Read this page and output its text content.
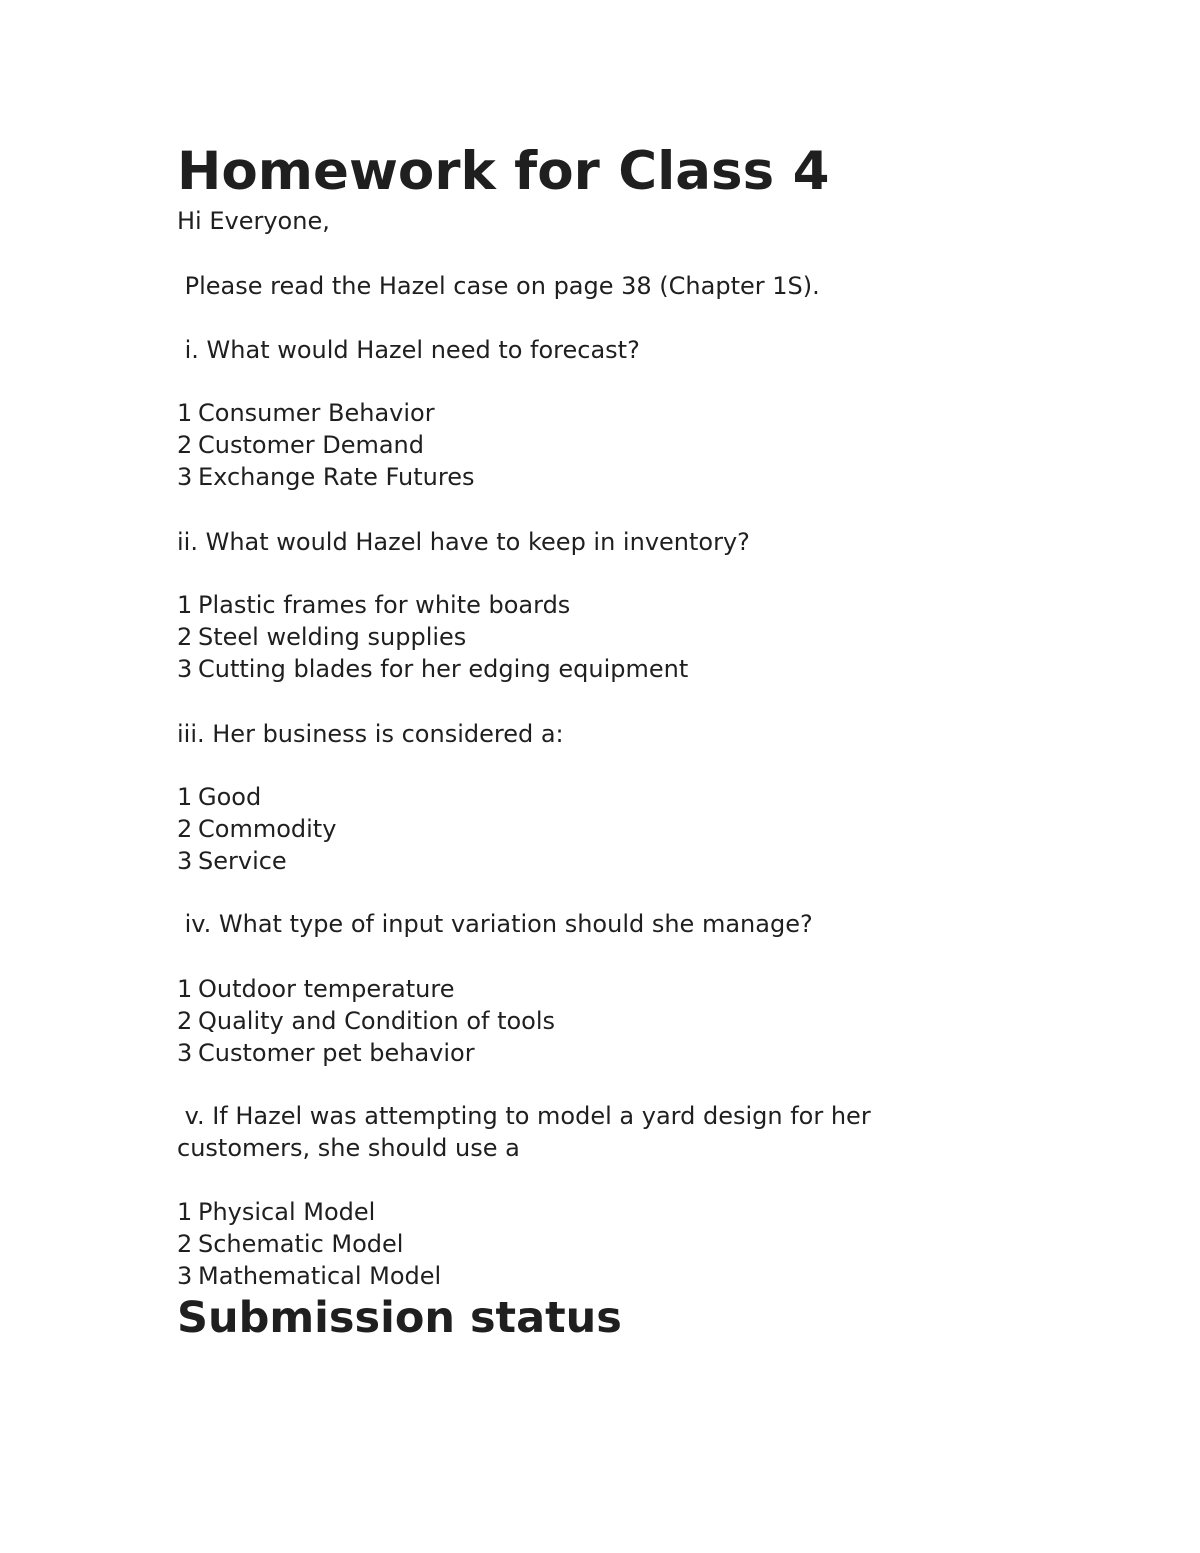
Homework for Class 4

Hi Everyone,

Please read the Hazel case on page 38 (Chapter 1S).

i. What would Hazel need to forecast?

1 Consumer Behavior

2 Customer Demand

3 Exchange Rate Futures

ii. What would Hazel have to keep in inventory?

1 Plastic frames for white boards

2 Steel welding supplies

3 Cutting blades for her edging equipment

iii. Her business is considered a:

1 Good

2 Commodity

3 Service

iv. What type of input variation should she manage?

1 Outdoor temperature

2 Quality and Condition of tools

3 Customer pet behavior

v. If Hazel was attempting to model a yard design for her

customers, she should use a

1 Physical Model

2 Schematic Model

3 Mathematical Model

Submission status
